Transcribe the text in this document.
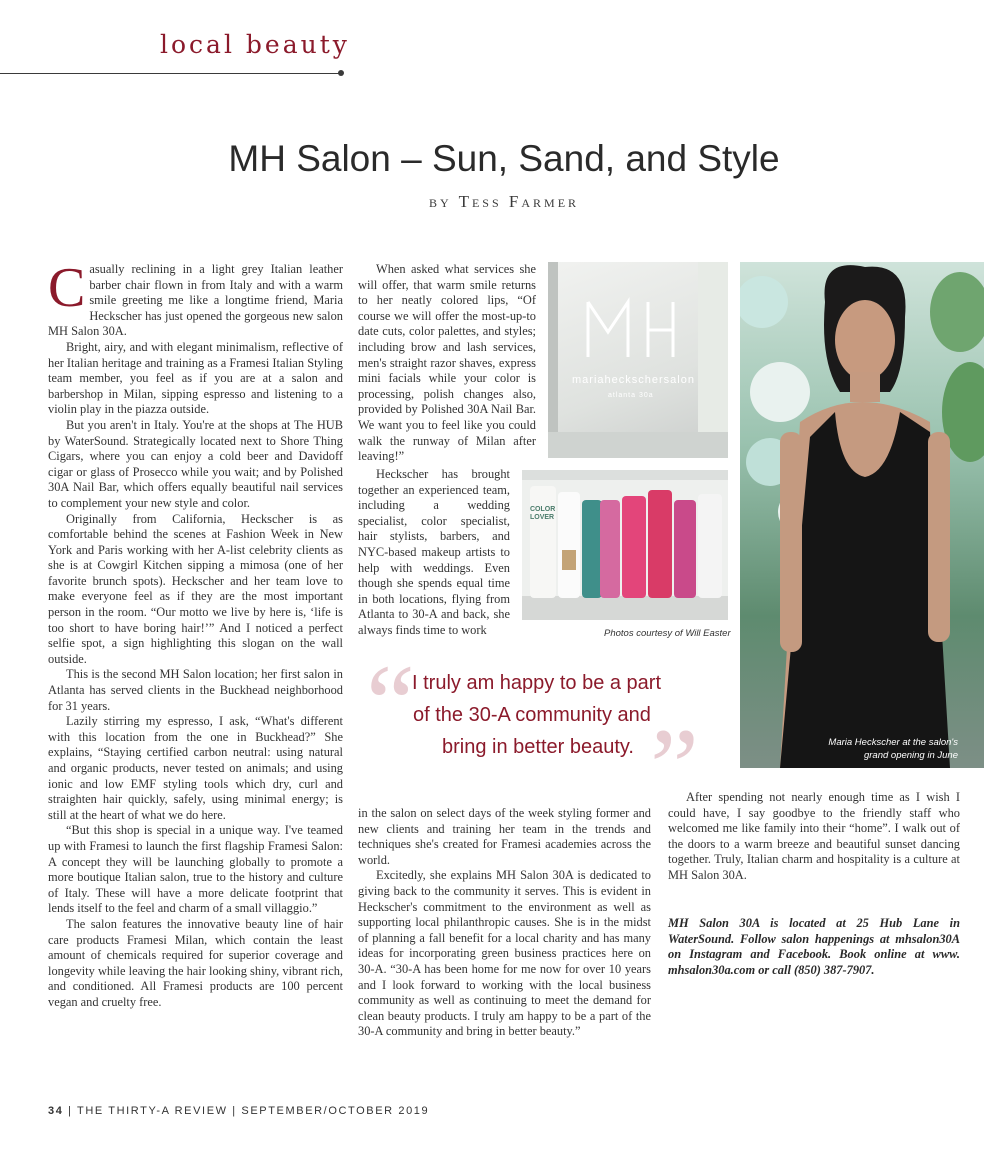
local beauty
MH Salon – Sun, Sand, and Style
by Tess Farmer

Casually reclining in a light grey Italian leather barber chair flown in from Italy and with a warm smile greeting me like a longtime friend, Maria Heckscher has just opened the gorgeous new salon MH Salon 30A.

Bright, airy, and with elegant minimalism, reflective of her Italian heritage and training as a Framesi Italian Styling team member, you feel as if you are at a salon and barbershop in Milan, sipping espresso and listening to a violin play in the piazza outside.

But you aren't in Italy. You're at the shops at The HUB by WaterSound. Strategically located next to Shore Thing Cigars, where you can enjoy a cold beer and Davidoff cigar or glass of Prosecco while you wait; and by Polished 30A Nail Bar, which offers equally beautiful nail services to complement your new style and color.

Originally from California, Heckscher is as comfortable behind the scenes at Fashion Week in New York and Paris working with her A-list celebrity clients as she is at Cowgirl Kitchen sipping a mimosa (one of her favorite brunch spots). Heckscher and her team love to make everyone feel as if they are the most important person in the room. “Our motto we live by here is, ‘life is too short to have boring hair!’” And I noticed a perfect selfie spot, a sign highlighting this slogan on the wall outside.

This is the second MH Salon location; her first salon in Atlanta has served clients in the Buckhead neighborhood for 31 years.

Lazily stirring my espresso, I ask, “What's different with this location from the one in Buckhead?” She explains, “Staying certified carbon neutral: using natural and organic products, never tested on animals; and using ionic and low EMF styling tools which dry, curl and straighten hair quickly, safely, using minimal energy; is still at the heart of what we do here.

“But this shop is special in a unique way. I've teamed up with Framesi to launch the first flagship Framesi Salon: A concept they will be launching globally to promote a more boutique Italian salon, true to the history and culture of Italy. These will have a more delicate footprint that lends itself to the feel and charm of a small villaggio.”

The salon features the innovative beauty line of hair care products Framesi Milan, which contain the least amount of chemicals required for superior coverage and longevity while leaving the hair looking shiny, vibrant rich, and conditioned. All Framesi products are 100 percent vegan and cruelty free.

When asked what services she will offer, that warm smile returns to her neatly colored lips, “Of course we will offer the most-up-to date cuts, color palettes, and styles; including brow and lash services, men's straight razor shaves, express mini facials while your color is processing, polish changes also, provided by Polished 30A Nail Bar. We want you to feel like you could walk the runway of Milan after leaving!”

Heckscher has brought together an experienced team, including a wedding specialist, color specialist, hair stylists, barbers, and NYC-based makeup artists to help with weddings. Even though she spends equal time in both locations, flying from Atlanta to 30-A and back, she always finds time to work

mariaheckschersalon
atlanta 30a
COLOR LOVER
Photos courtesy of Will Easter
Maria Heckscher at the salon's
grand opening in June
“
”
I truly am happy to be a part
of the 30-A community and
bring in better beauty.

in the salon on select days of the week styling former and new clients and training her team in the trends and techniques she's created for Framesi academies across the world.

Excitedly, she explains MH Salon 30A is dedicated to giving back to the community it serves. This is evident in Heckscher's commitment to the environment as well as supporting local philanthropic causes. She is in the midst of planning a fall benefit for a local charity and has many ideas for incorporating green business practices here on 30-A. “30-A has been home for me now for over 10 years and I look forward to working with the local business community as well as continuing to meet the demand for clean beauty products. I truly am happy to be a part of the 30-A community and bring in better beauty.”

After spending not nearly enough time as I wish I could have, I say goodbye to the friendly staff who welcomed me like family into their “home”. I walk out of the doors to a warm breeze and beautiful sunset dancing together. Truly, Italian charm and hospitality is a culture at MH Salon 30A.

MH Salon 30A is located at 25 Hub Lane in WaterSound. Follow salon happenings at mhsalon30A on Instagram and Facebook. Book online at www. mhsalon30a.com or call (850) 387-7907.
34 | THE THIRTY-A REVIEW | SEPTEMBER/OCTOBER 2019
